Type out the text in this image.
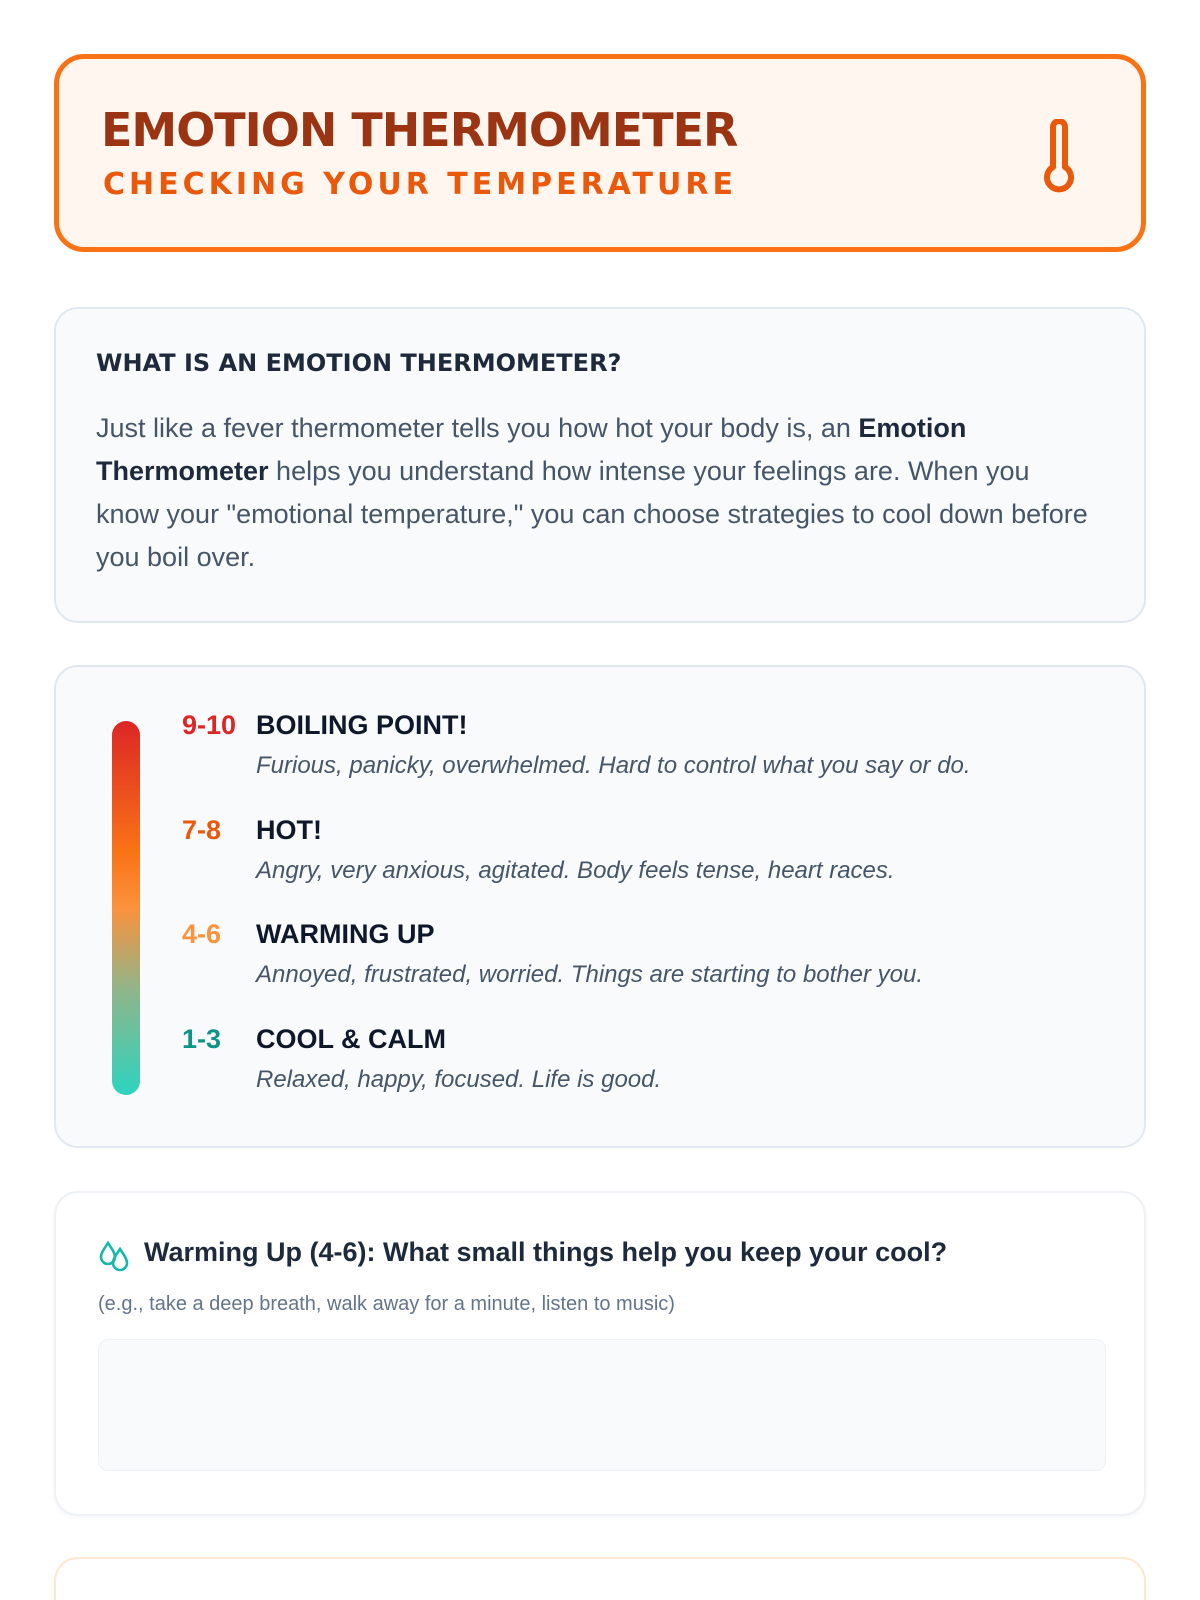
EMOTION THERMOMETER
CHECKING YOUR TEMPERATURE
WHAT IS AN EMOTION THERMOMETER?

Just like a fever thermometer tells you how hot your body is, an Emotion Thermometer helps you understand how intense your feelings are. When you know your "emotional temperature," you can choose strategies to cool down before you boil over.

9-10 BOILING POINT!
Furious, panicky, overwhelmed. Hard to control what you say or do.
7-8	HOT!
Angry, very anxious, agitated. Body feels tense, heart races.
4-6	WARMING UP
Annoyed, frustrated, worried. Things are starting to bother you.
1-3	COOL & CALM
Relaxed, happy, focused. Life is good.
Warming Up (4-6): What small things help you keep your cool?
(e.g., take a deep breath, walk away for a minute, listen to music)
